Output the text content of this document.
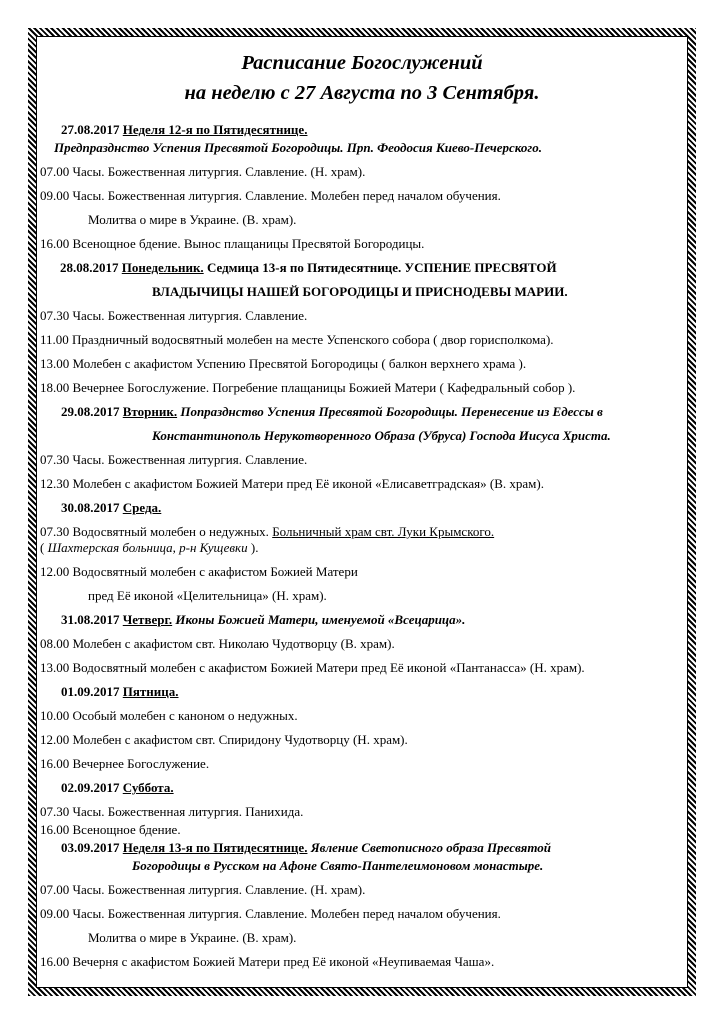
Расписание Богослужений
на неделю с 27 Августа по 3 Сентября.
27.08.2017 Неделя 12-я по Пятидесятнице.
Предпразднство Успения Пресвятой Богородицы. Прп. Феодосия Киево-Печерского.
07.00 Часы. Божественная литургия. Славление. (Н. храм).
09.00 Часы. Божественная литургия. Славление. Молебен перед началом обучения.
Молитва о мире в Украине. (В. храм).
16.00 Всенощное бдение. Вынос плащаницы Пресвятой Богородицы.
28.08.2017 Понедельник. Седмица 13-я по Пятидесятнице. УСПЕНИЕ ПРЕСВЯТОЙ
ВЛАДЫЧИЦЫ НАШЕЙ БОГОРОДИЦЫ И ПРИСНОДЕВЫ МАРИИ.
07.30 Часы. Божественная литургия. Славление.
11.00 Праздничный водосвятный молебен на месте Успенского собора ( двор горисполкома).
13.00 Молебен с акафистом Успению Пресвятой Богородицы ( балкон верхнего храма ).
18.00 Вечернее Богослужение. Погребение плащаницы Божией Матери ( Кафедральный собор ).
29.08.2017 Вторник. Попразднство Успения Пресвятой Богородицы. Перенесение из Едессы в
Константинополь Нерукотворенного Образа (Убруса) Господа Иисуса Христа.
07.30 Часы. Божественная литургия. Славление.
12.30 Молебен с акафистом Божией Матери пред Её иконой «Елисаветградская» (В. храм).
30.08.2017 Среда.
07.30 Водосвятный молебен о недужных. Больничный храм свт. Луки Крымского.
( Шахтерская больница, р-н Кущевки ).
12.00 Водосвятный молебен с акафистом Божией Матери
пред Её иконой «Целительница» (Н. храм).
31.08.2017 Четверг. Иконы Божией Матери, именуемой «Всецарица».
08.00 Молебен с акафистом свт. Николаю Чудотворцу (В. храм).
13.00 Водосвятный молебен с акафистом Божией Матери пред Её иконой «Пантанасса» (Н. храм).
01.09.2017 Пятница.
10.00 Особый молебен с каноном о недужных.
12.00 Молебен с акафистом свт. Спиридону Чудотворцу (Н. храм).
16.00 Вечернее Богослужение.
02.09.2017 Суббота.
07.30 Часы. Божественная литургия. Панихида.
16.00 Всенощное бдение.
03.09.2017 Неделя 13-я по Пятидесятнице. Явление Светописного образа Пресвятой
Богородицы в Русском на Афоне Свято-Пантелеимоновом монастыре.
07.00 Часы. Божественная литургия. Славление. (Н. храм).
09.00 Часы. Божественная литургия. Славление. Молебен перед началом обучения.
Молитва о мире в Украине. (В. храм).
16.00 Вечерня с акафистом Божией Матери пред Её иконой «Неупиваемая Чаша».
